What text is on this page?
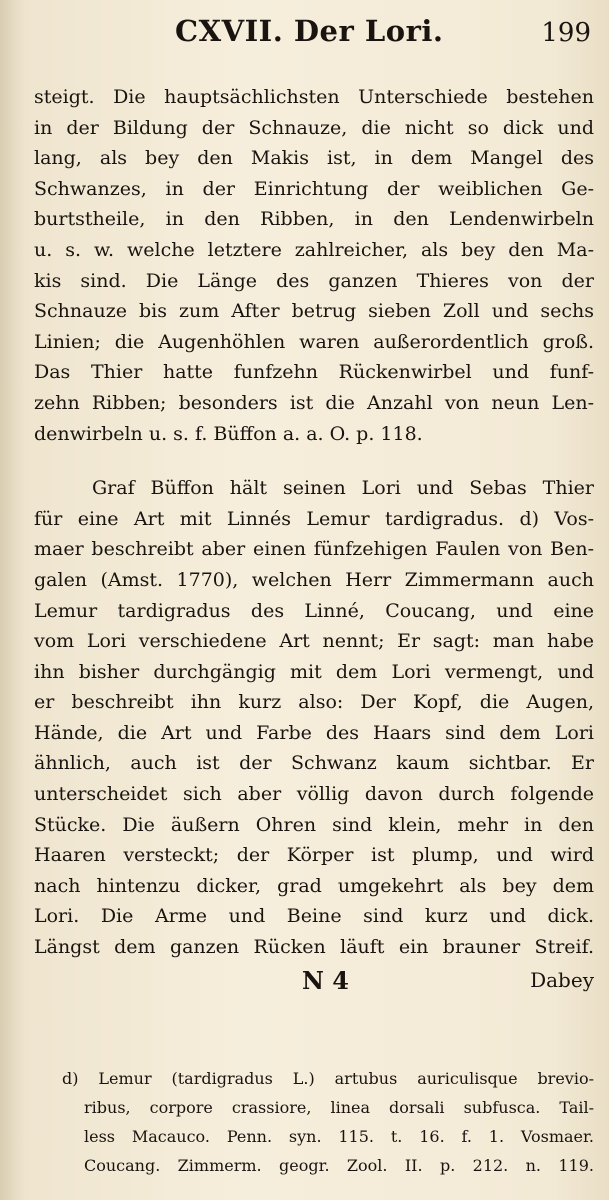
CXVII. Der Lori.	199
steigt. Die hauptsächlichsten Unterschiede bestehen
in der Bildung der Schnauze, die nicht so dick und
lang, als bey den Makis ist, in dem Mangel des
Schwanzes, in der Einrichtung der weiblichen Ge-
burtstheile, in den Ribben, in den Lendenwirbeln
u. s. w. welche letztere zahlreicher, als bey den Ma-
kis sind. Die Länge des ganzen Thieres von der
Schnauze bis zum After betrug sieben Zoll und sechs
Linien; die Augenhöhlen waren außerordentlich groß.
Das Thier hatte funfzehn Rückenwirbel und funf-
zehn Ribben; besonders ist die Anzahl von neun Len-
denwirbeln u. s. f. Büffon a. a. O. p. 118.
Graf Büffon hält seinen Lori und Sebas Thier
für eine Art mit Linnés Lemur tardigradus. d) Vos-
maer beschreibt aber einen fünfzehigen Faulen von Ben-
galen (Amst. 1770), welchen Herr Zimmermann auch
Lemur tardigradus des Linné, Coucang, und eine
vom Lori verschiedene Art nennt; Er sagt: man habe
ihn bisher durchgängig mit dem Lori vermengt, und
er beschreibt ihn kurz also: Der Kopf, die Augen,
Hände, die Art und Farbe des Haars sind dem Lori
ähnlich, auch ist der Schwanz kaum sichtbar. Er
unterscheidet sich aber völlig davon durch folgende
Stücke. Die äußern Ohren sind klein, mehr in den
Haaren versteckt; der Körper ist plump, und wird
nach hintenzu dicker, grad umgekehrt als bey dem
Lori. Die Arme und Beine sind kurz und dick.
Längst dem ganzen Rücken läuft ein brauner Streif.
N 4	Dabey
d) Lemur (tardigradus L.) artubus auriculisque brevio-
ribus, corpore crassiore, linea dorsali subfusca. Tail-
less Macauco. Penn. syn. 115. t. 16. f. 1. Vosmaer.
Coucang. Zimmerm. geogr. Zool. II. p. 212. n. 119.
